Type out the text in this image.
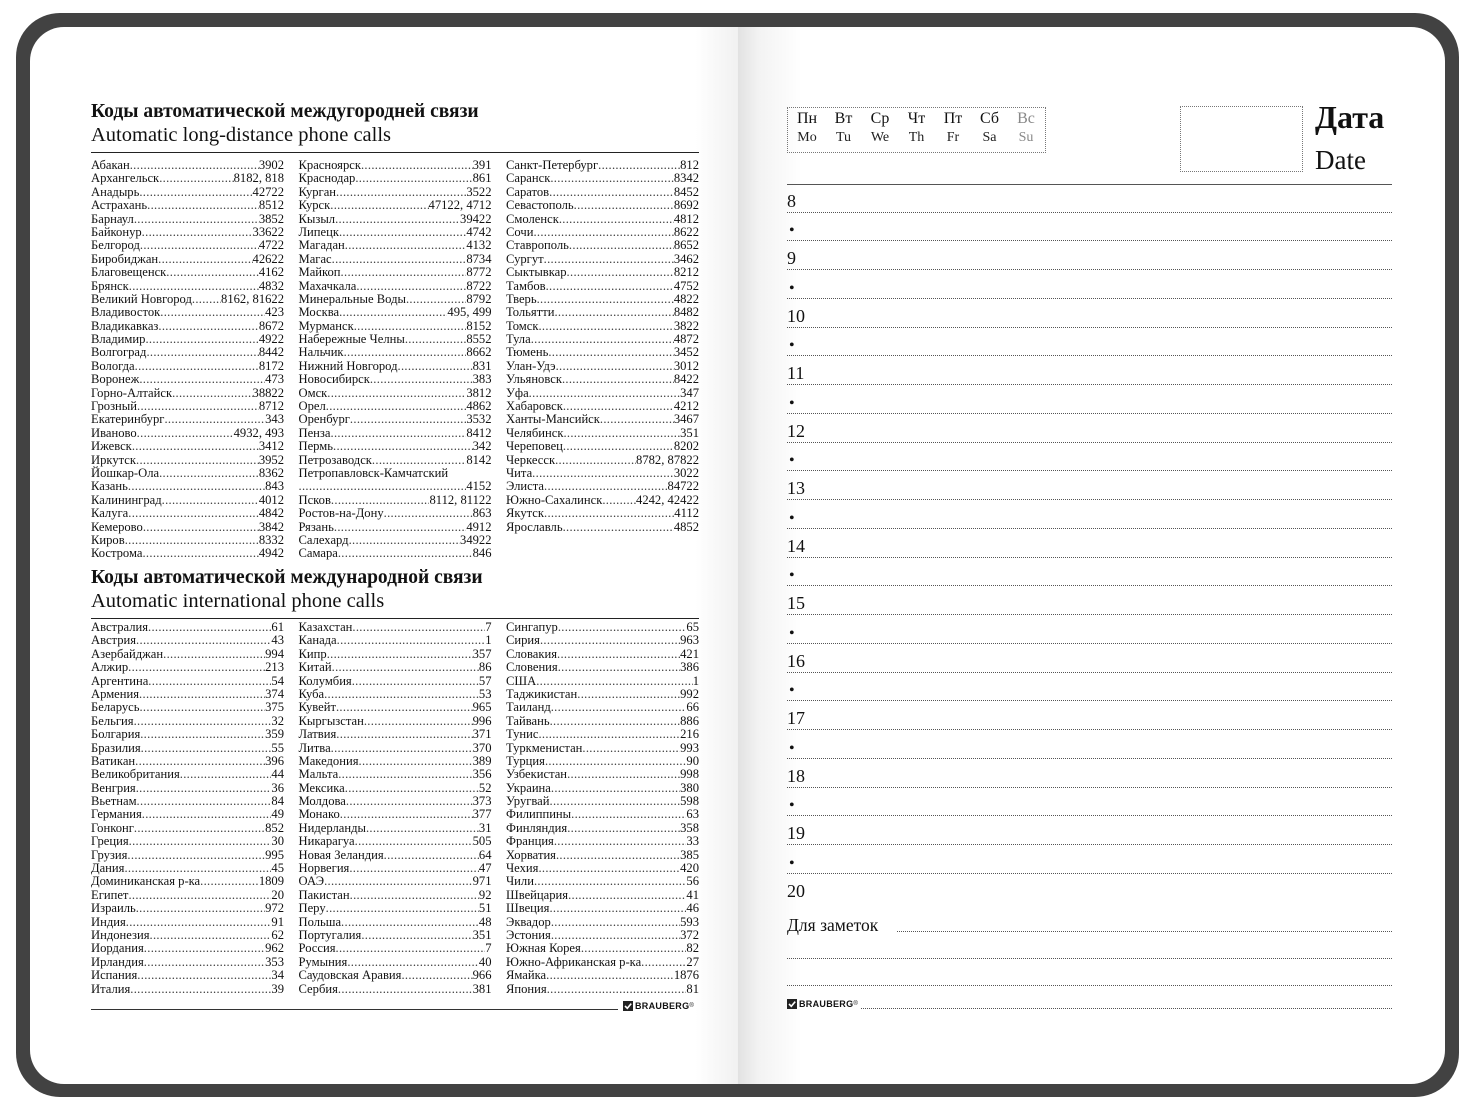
Коды автоматической междугородней связи
Automatic long-distance phone calls
Абакан .....	3902
Архангельск .....	8182, 818
Анадырь .....	42722
Астрахань .....	8512
Барнаул .....	3852
Байконур .....	33622
Белгород .....	4722
Биробиджан .....	42622
Благовещенск .....	4162
Брянск .....	4832
Великий Новгород ..... 8162, 81622
Владивосток .....	423
Владикавказ .....	8672
Владимир .....	4922
Волгоград .....	8442
Вологда .....	8172
Воронеж .....	473
Горно-Алтайск .....	38822
Грозный .....	8712
Екатеринбург .....	343
Иваново .....	4932, 493
Ижевск .....	3412
Иркутск .....	3952
Йошкар-Ола .....	8362
Казань .....	843
Калининград .....	4012
Калуга .....	4842
Кемерово .....	3842
Киров .....	8332
Кострома .....	4942
Красноярск .....	391
Краснодар .....	861
Курган .....	3522
Курск .....	47122, 4712
Кызыл .....	39422
Липецк .....	4742
Магадан .....	4132
Магас .....	8734
Майкоп .....	8772
Махачкала .....	8722
Минеральные Воды .....	8792
Москва .....	495, 499
Мурманск .....	8152
Набережные Челны .....	8552
Нальчик .....	8662
Нижний Новгород .....	831
Новосибирск .....	383
Омск .....	3812
Орел .....	4862
Оренбург .....	3532
Пенза .....	8412
Пермь .....	342
Петрозаводск .....	8142
Петропавловск-Камчатский
.....
4152
Псков .....	8112, 81122
Ростов-на-Дону .....	863
Рязань .....	4912
Салехард .....	34922
Самара .....	846
Санкт-Петербург .....	812
Саранск .....	8342
Саратов .....	8452
Севастополь .....	8692
Смоленск .....	4812
Сочи .....	8622
Ставрополь .....	8652
Сургут .....	3462
Сыктывкар .....	8212
Тамбов .....	4752
Тверь .....	4822
Тольятти .....	8482
Томск .....	3822
Тула .....	4872
Тюмень .....	3452
Улан-Удэ .....	3012
Ульяновск .....	8422
Уфа .....	347
Хабаровск .....	4212
Ханты-Мансийск .....	3467
Челябинск .....	351
Череповец .....	8202
Черкесск .....	8782, 87822
Чита .....	3022
Элиста .....	84722
Южно-Сахалинск .....	4242, 42422
Якутск .....	4112
Ярославль .....	4852
Коды автоматической международной связи
Automatic international phone calls
Австралия .....	61
Австрия .....	43
Азербайджан .....	994
Алжир .....	213
Аргентина .....	54
Армения .....	374
Беларусь .....	375
Бельгия .....	32
Болгария .....	359
Бразилия .....	55
Ватикан .....	396
Великобритания .....	44
Венгрия .....	36
Вьетнам .....	84
Германия .....	49
Гонконг .....	852
Греция .....	30
Грузия .....	995
Дания .....	45
Доминиканская р-ка .....	1809
Египет .....	20
Израиль .....	972
Индия .....	91
Индонезия .....	62
Иордания .....	962
Ирландия .....	353
Испания .....	34
Италия .....	39
Казахстан .....	7
Канада .....	1
Кипр .....	357
Китай .....	86
Колумбия .....	57
Куба .....	53
Кувейт .....	965
Кыргызстан .....	996
Латвия .....	371
Литва .....	370
Македония .....	389
Мальта .....	356
Мексика .....	52
Молдова .....	373
Монако .....	377
Нидерланды .....	31
Никарагуа .....	505
Новая Зеландия .....	64
Норвегия .....	47
ОАЭ .....	971
Пакистан .....	92
Перу .....	51
Польша .....	48
Португалия .....	351
Россия .....	7
Румыния .....	40
Саудовская Аравия .....	966
Сербия .....	381
Сингапур .....	65
Сирия .....	963
Словакия .....	421
Словения .....	386
США .....	1
Таджикистан .....	992
Таиланд .....	66
Тайвань .....	886
Тунис .....	216
Туркменистан .....	993
Турция .....	90
Узбекистан .....	998
Украина .....	380
Уругвай .....	598
Филиппины .....	63
Финляндия .....	358
Франция .....	33
Хорватия .....	385
Чехия .....	420
Чили .....	56
Швейцария .....	41
Швеция .....	46
Эквадор .....	593
Эстония .....	372
Южная Корея .....	82
Южно-Африканская р-ка .....	27
Ямайка .....	1876
Япония .....	81
BRAUBERG ®
Пн
Mo
Вт
Tu
Ср
We
Чт
Th
Пт
Fr
Сб
Sa
Вс
Su
Дата
Date
8
•
9
•
10
•
11
•
12
•
13
•
14
•
15
•
16
•
17
•
18
•
19
•
20
Для заметок
BRAUBERG ®
